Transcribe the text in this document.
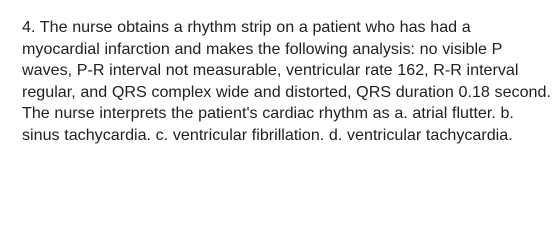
4. The nurse obtains a rhythm strip on a patient who has had a myocardial infarction and makes the following analysis: no visible P waves, P-R interval not measurable, ventricular rate 162, R-R interval regular, and QRS complex wide and distorted, QRS duration 0.18 second. The nurse interprets the patient's cardiac rhythm as a. atrial flutter. b. sinus tachycardia. c. ventricular fibrillation. d. ventricular tachycardia.
